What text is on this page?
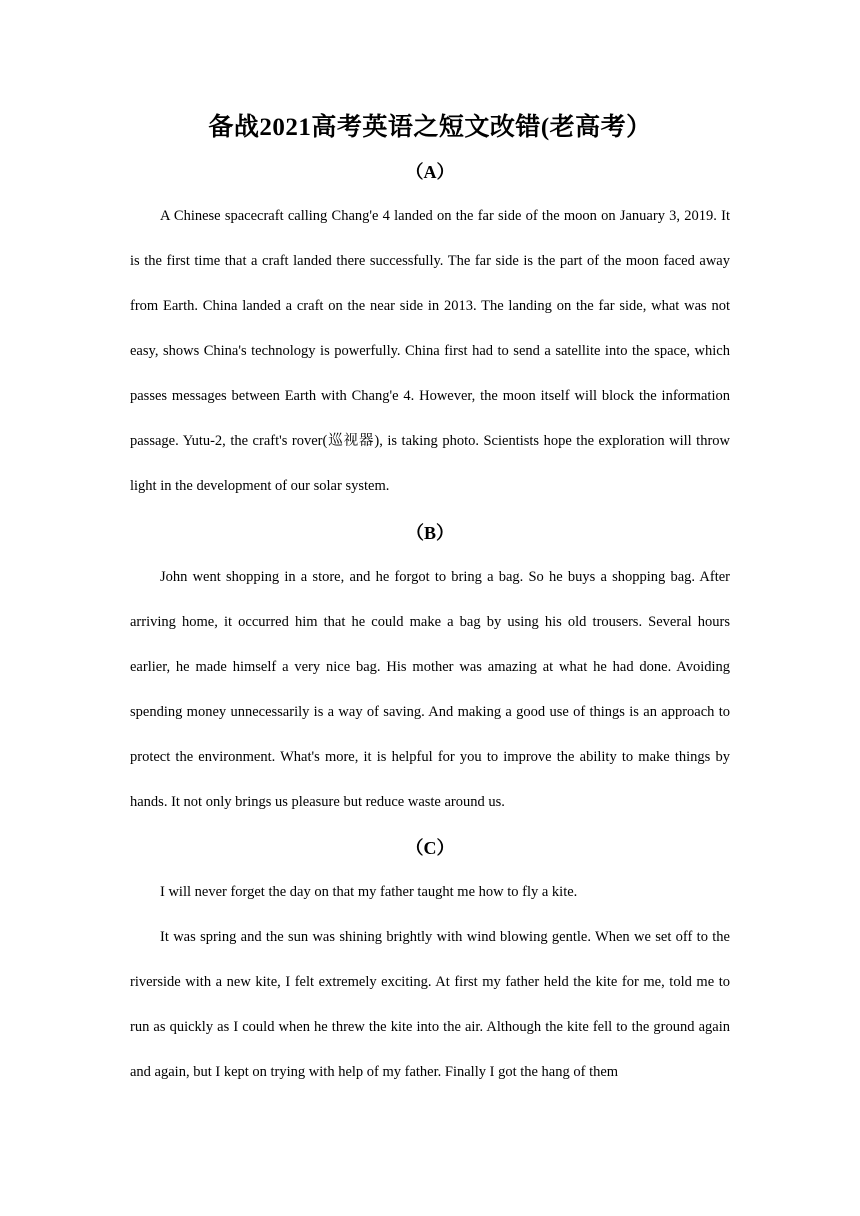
备战2021高考英语之短文改错(老高考）
（A）

A Chinese spacecraft calling Chang'e 4 landed on the far side of the moon on January 3, 2019. It is the first time that a craft landed there successfully. The far side is the part of the moon faced away from Earth. China landed a craft on the near side in 2013. The landing on the far side, what was not easy, shows China's technology is powerfully. China first had to send a satellite into the space, which passes messages between Earth with Chang'e 4. However, the moon itself will block the information passage. Yutu-2, the craft's rover(巡视器), is taking photo. Scientists hope the exploration will throw light in the development of our solar system.

（B）

John went shopping in a store, and he forgot to bring a bag. So he buys a shopping bag. After arriving home, it occurred him that he could make a bag by using his old trousers. Several hours earlier, he made himself a very nice bag. His mother was amazing at what he had done. Avoiding spending money unnecessarily is a way of saving. And making a good use of things is an approach to protect the environment. What's more, it is helpful for you to improve the ability to make things by hands. It not only brings us pleasure but reduce waste around us.

（C）

I will never forget the day on that my father taught me how to fly a kite.

It was spring and the sun was shining brightly with wind blowing gentle. When we set off to the riverside with a new kite, I felt extremely exciting. At first my father held the kite for me, told me to run as quickly as I could when he threw the kite into the air. Although the kite fell to the ground again and again, but I kept on trying with help of my father. Finally I got the hang of them
